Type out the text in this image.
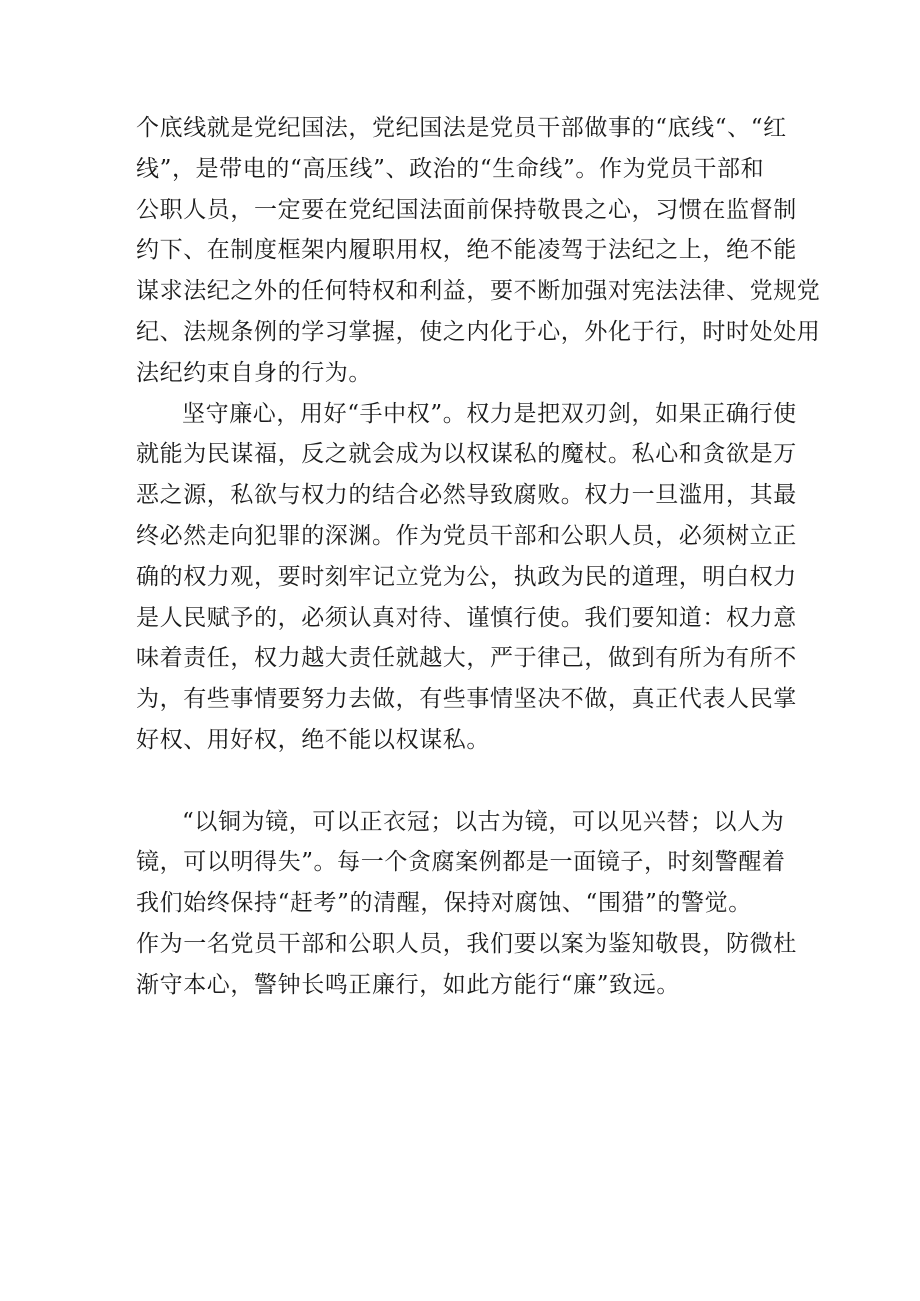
个底线就是党纪国法，党纪国法是党员干部做事的“底线“、“红
线”，是带电的“高压线”、政治的“生命线”。作为党员干部和
公职人员，一定要在党纪国法面前保持敬畏之心，习惯在监督制
约下、在制度框架内履职用权，绝不能凌驾于法纪之上，绝不能
谋求法纪之外的任何特权和利益，要不断加强对宪法法律、党规党
纪、法规条例的学习掌握，使之内化于心，外化于行，时时处处用
法纪约束自身的行为。
坚守廉心，用好“手中权”。权力是把双刃剑，如果正确行使
就能为民谋福，反之就会成为以权谋私的魔杖。私心和贪欲是万
恶之源，私欲与权力的结合必然导致腐败。权力一旦滥用，其最
终必然走向犯罪的深渊。作为党员干部和公职人员，必须树立正
确的权力观，要时刻牢记立党为公，执政为民的道理，明白权力
是人民赋予的，必须认真对待、谨慎行使。我们要知道：权力意
味着责任，权力越大责任就越大，严于律己，做到有所为有所不
为，有些事情要努力去做，有些事情坚决不做，真正代表人民掌
好权、用好权，绝不能以权谋私。
“以铜为镜，可以正衣冠；以古为镜，可以见兴替；以人为
镜，可以明得失”。每一个贪腐案例都是一面镜子，时刻警醒着
我们始终保持“赶考”的清醒，保持对腐蚀、“围猎”的警觉。
作为一名党员干部和公职人员，我们要以案为鉴知敬畏，防微杜
渐守本心，警钟长鸣正廉行，如此方能行“廉”致远。
